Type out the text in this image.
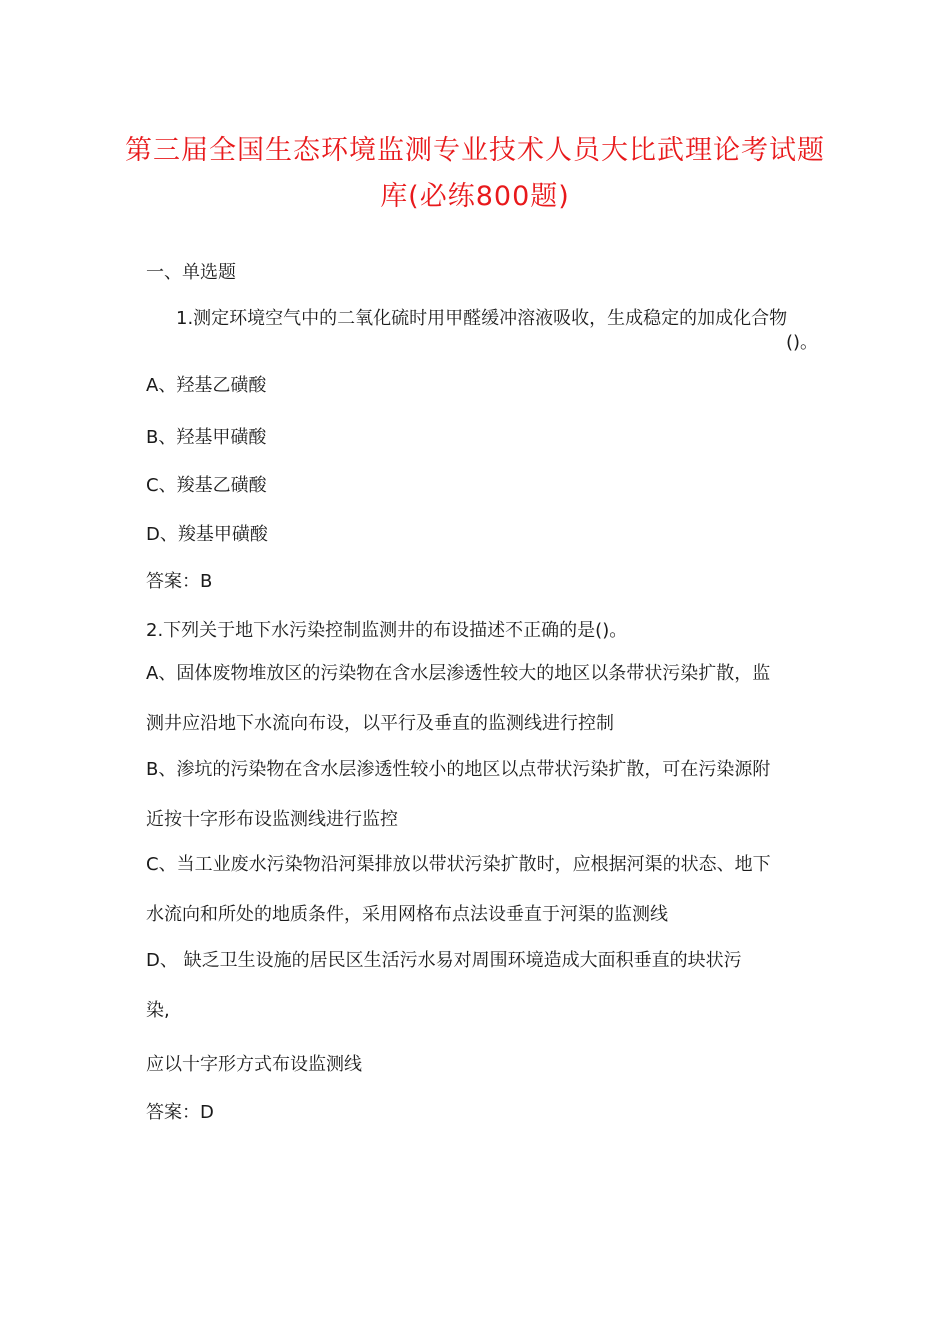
第三届全国生态环境监测专业技术人员大比武理论考试题
库(必练800题)
一、单选题
1.测定环境空气中的二氧化硫时用甲醛缓冲溶液吸收，生成稳定的加成化合物
()。
A、羟基乙磺酸
B、羟基甲磺酸
C、羧基乙磺酸
D、羧基甲磺酸
答案：B
2.下列关于地下水污染控制监测井的布设描述不正确的是()。
A、固体废物堆放区的污染物在含水层渗透性较大的地区以条带状污染扩散，监
测井应沿地下水流向布设，以平行及垂直的监测线进行控制
B、渗坑的污染物在含水层渗透性较小的地区以点带状污染扩散，可在污染源附
近按十字形布设监测线进行监控
C、当工业废水污染物沿河渠排放以带状污染扩散时，应根据河渠的状态、地下
水流向和所处的地质条件，采用网格布点法设垂直于河渠的监测线
D、 缺乏卫生设施的居民区生活污水易对周围环境造成大面积垂直的块状污
染,
应以十字形方式布设监测线
答案：D
